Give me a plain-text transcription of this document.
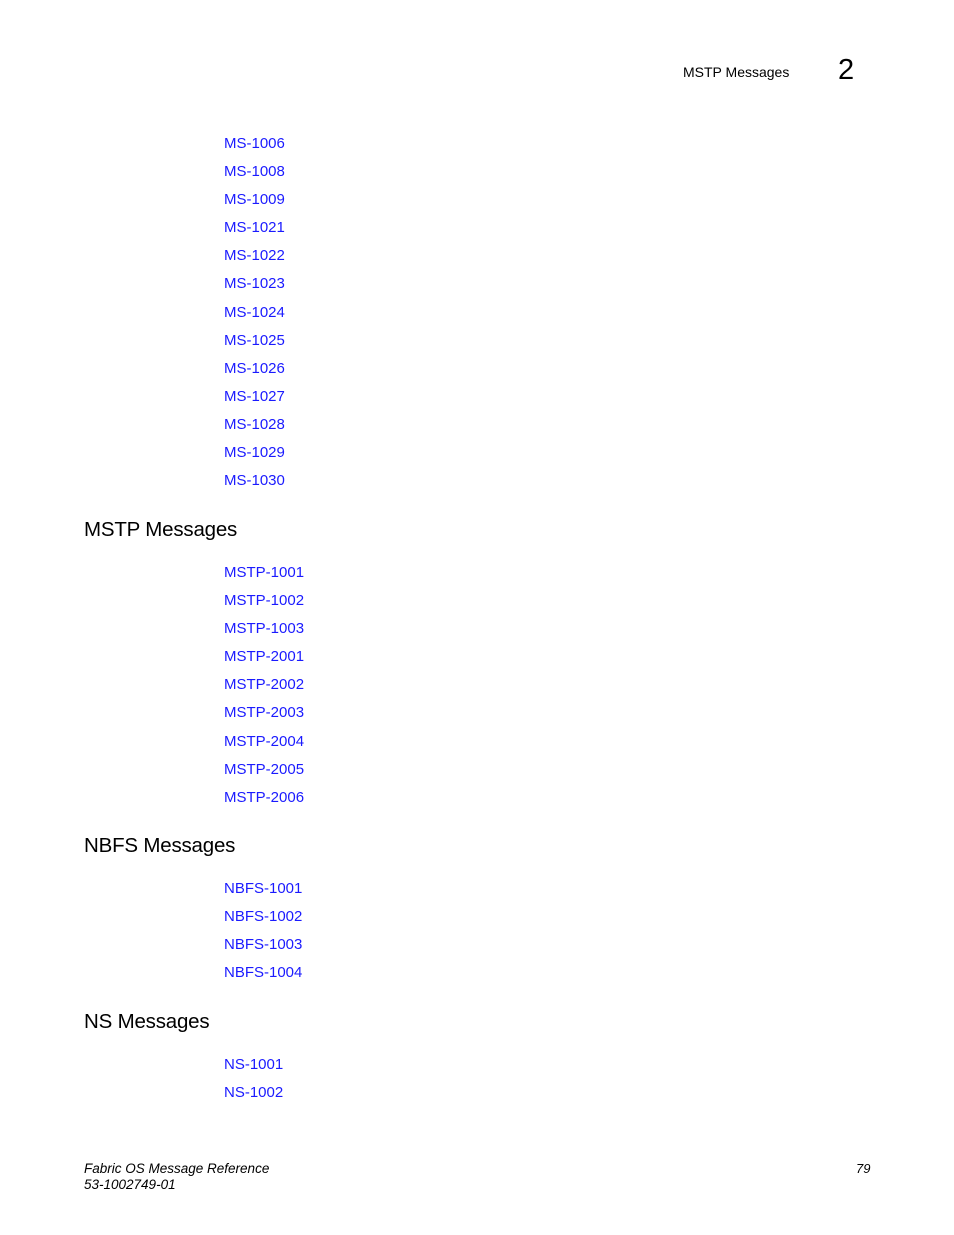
MSTP Messages 2
MS-1006
MS-1008
MS-1009
MS-1021
MS-1022
MS-1023
MS-1024
MS-1025
MS-1026
MS-1027
MS-1028
MS-1029
MS-1030
MSTP Messages
MSTP-1001
MSTP-1002
MSTP-1003
MSTP-2001
MSTP-2002
MSTP-2003
MSTP-2004
MSTP-2005
MSTP-2006
NBFS Messages
NBFS-1001
NBFS-1002
NBFS-1003
NBFS-1004
NS Messages
NS-1001
NS-1002
Fabric OS Message Reference
53-1002749-01
79
